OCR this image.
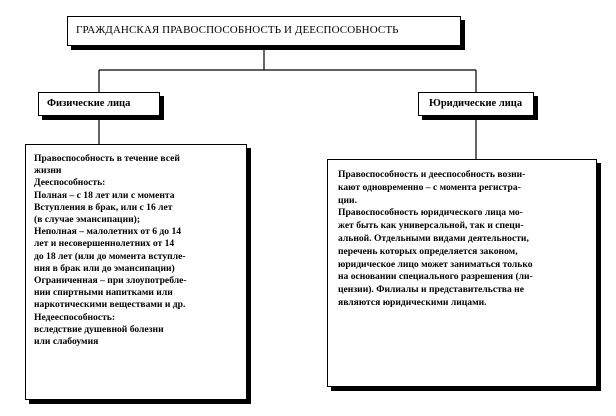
ГРАЖДАНСКАЯ ПРАВОСПОСОБНОСТЬ И ДЕЕСПОСОБНОСТЬ
Физические лица	Юридические лица
Правоспособность в течение всей
жизни
Дееспособность:
Полная – с 18 лет или с момента
Вступления в брак, или с 16 лет
(в случае эмансипации);
Неполная – малолетних от 6 до 14
лет и несовершеннолетних от 14
до 18 лет (или до момента вступле-
ния в брак или до эмансипации)
Ограниченная – при злоупотребле-
нии спиртными напитками или
наркотическими веществами и др.
Недееспособность:
вследствие душевной болезни
или слабоумия
Правоспособность и дееспособность возни-
кают одновременно – с момента регистра-
ции.
Правоспособность юридического лица мо-
жет быть как универсальной, так и специ-
альной. Отдельными видами деятельности,
перечень которых определяется законом,
юридическое лицо может заниматься только
на основании специального разрешения (ли-
цензии). Филиалы и представительства не
являются юридическими лицами.
